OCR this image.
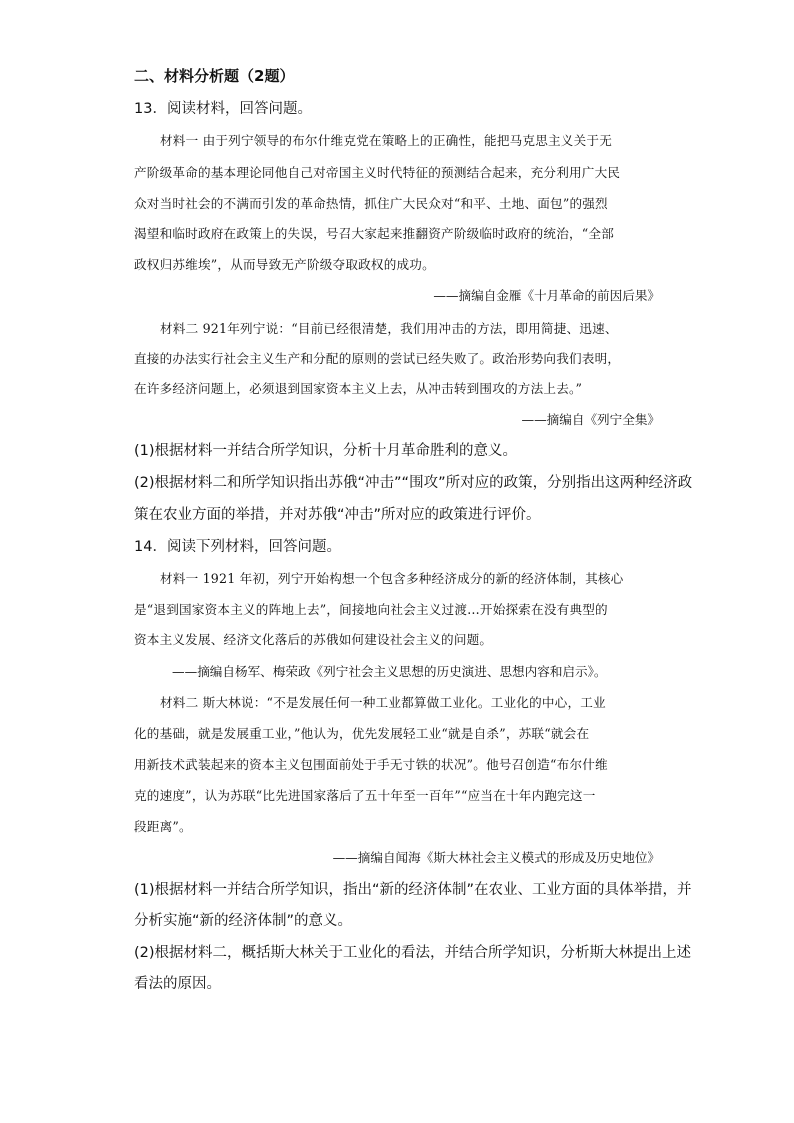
二、材料分析题（2题）

13．阅读材料，回答问题。

材料一 由于列宁领导的布尔什维克党在策略上的正确性，能把马克思主义关于无

产阶级革命的基本理论同他自己对帝国主义时代特征的预测结合起来，充分利用广大民

众对当时社会的不满而引发的革命热情，抓住广大民众对“和平、土地、面包”的强烈

渴望和临时政府在政策上的失误，号召大家起来推翻资产阶级临时政府的统治，“全部

政权归苏维埃”，从而导致无产阶级夺取政权的成功。

——摘编自金雁《十月革命的前因后果》

材料二 921年列宁说：“目前已经很清楚，我们用冲击的方法，即用简捷、迅速、

直接的办法实行社会主义生产和分配的原则的尝试已经失败了。政治形势向我们表明，

在许多经济问题上，必须退到国家资本主义上去，从冲击转到围攻的方法上去。”

——摘编自《列宁全集》

(1)根据材料一并结合所学知识，分析十月革命胜利的意义。

(2)根据材料二和所学知识指出苏俄“冲击”“围攻”所对应的政策，分别指出这两种经济政

策在农业方面的举措，并对苏俄“冲击”所对应的政策进行评价。

14．阅读下列材料，回答问题。

材料一 1921 年初，列宁开始构想一个包含多种经济成分的新的经济体制，其核心

是“退到国家资本主义的阵地上去”，间接地向社会主义过渡…开始探索在没有典型的

资本主义发展、经济文化落后的苏俄如何建设社会主义的问题。

——摘编自杨军、梅荣政《列宁社会主义思想的历史演进、思想内容和启示》。

材料二 斯大林说：“不是发展任何一种工业都算做工业化。工业化的中心，工业

化的基础，就是发展重工业，”他认为，优先发展轻工业“就是自杀”，苏联“就会在

用新技术武装起来的资本主义包围面前处于手无寸铁的状况”。他号召创造“布尔什维

克的速度”，认为苏联“比先进国家落后了五十年至一百年”“应当在十年内跑完这一

段距离”。

——摘编自闻海《斯大林社会主义模式的形成及历史地位》

(1)根据材料一并结合所学知识，指出“新的经济体制”在农业、工业方面的具体举措，并

分析实施“新的经济体制”的意义。

(2)根据材料二，概括斯大林关于工业化的看法，并结合所学知识，分析斯大林提出上述

看法的原因。
